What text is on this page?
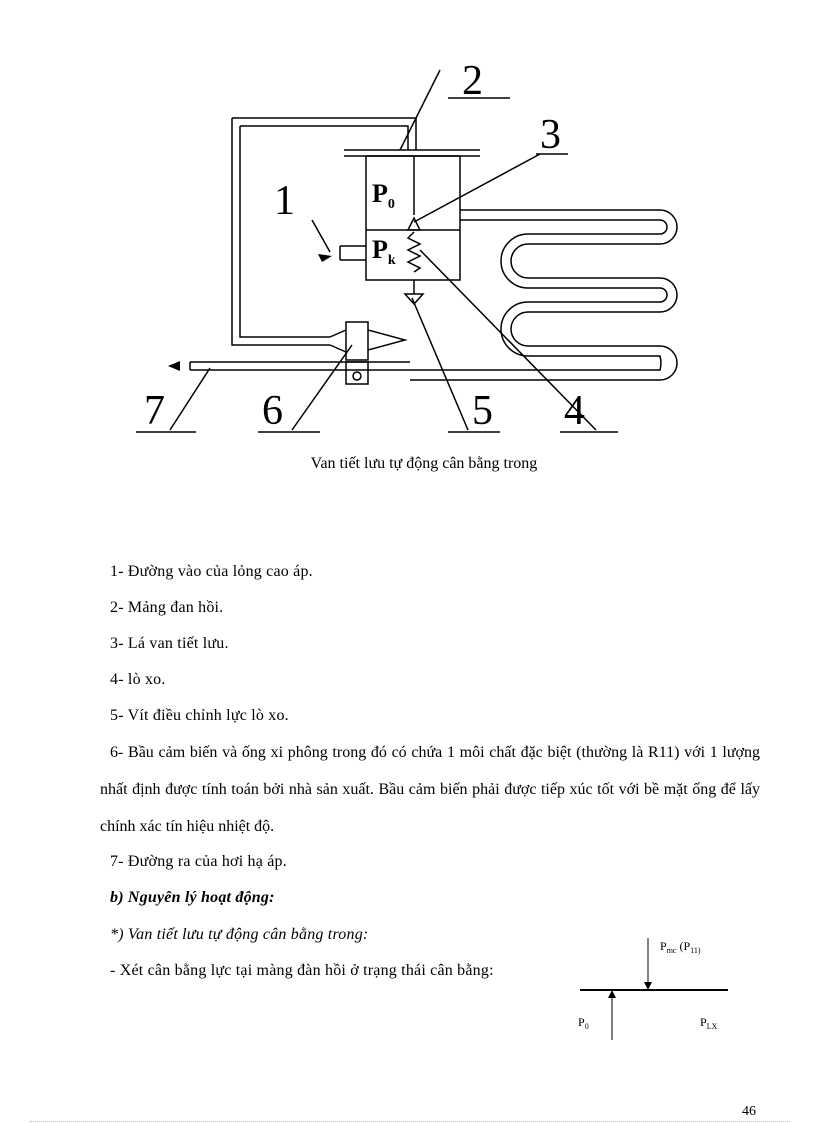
$P_0$
$P_k$
1
2
3
4
5
6
7
Van tiết lưu tự động cân bằng trong
1- Đường vào của lỏng cao áp.
2- Mảng đan hồi.
3- Lá van tiết lưu.
4- lò xo.
5- Vít điều chỉnh lực lò xo.
6- Bầu cảm biến và ống xi phông trong đó có chứa 1 môi chất đặc biệt (thường là R11) với 1 lượng nhất định được tính toán bởi nhà sản xuất. Bầu cảm biến phải được tiếp xúc tốt với bề mặt ống để lấy chính xác tín hiệu nhiệt độ.
7- Đường ra của hơi hạ áp.
b) Nguyên lý hoạt động:
*) Van tiết lưu tự động cân bằng trong:
- Xét cân bằng lực tại màng đàn hồi ở trạng thái cân bằng:
$P_{mc}$ ($P_{11)}$
$P_0$	$P_{LX}$
46
